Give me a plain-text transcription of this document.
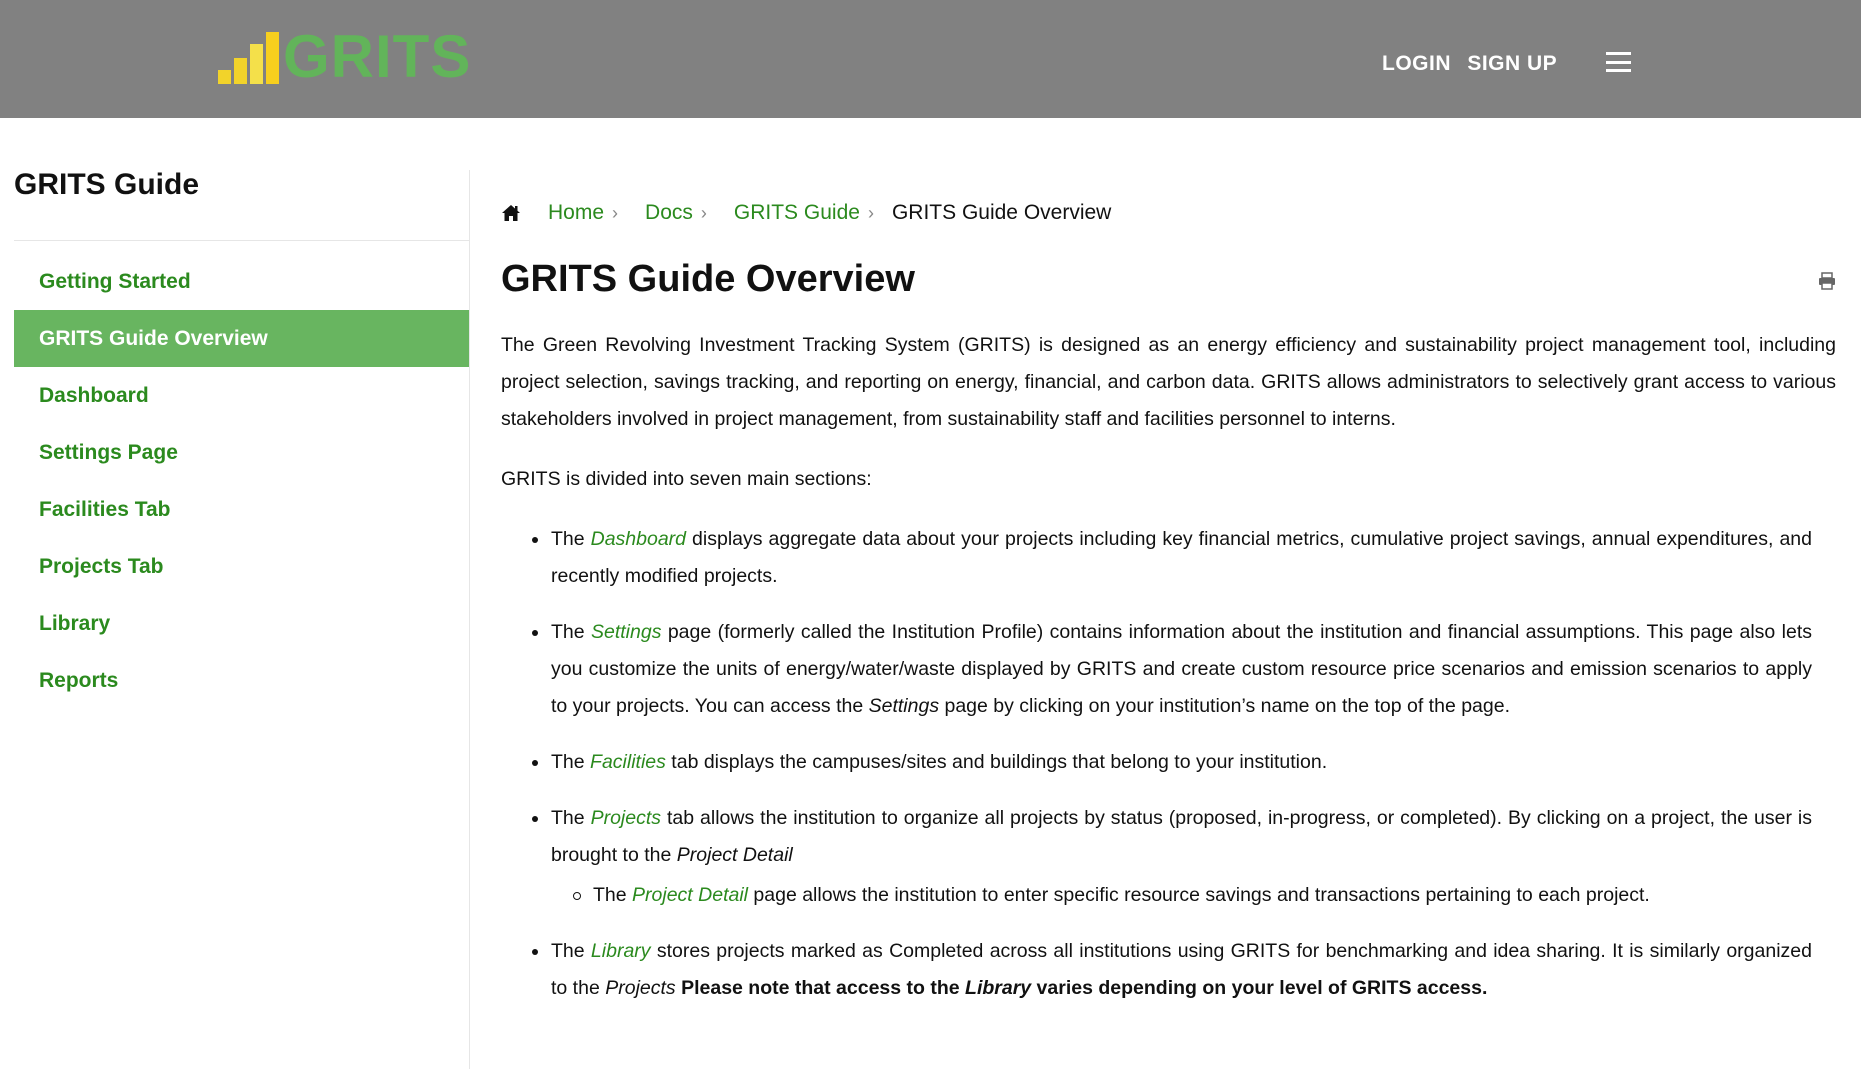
GRITS	LOGIN SIGN UP
GRITS Guide
Getting Started
GRITS Guide Overview
Dashboard
Settings Page
Facilities Tab
Projects Tab
Library
Reports
Home › Docs › GRITS Guide › GRITS Guide Overview
GRITS Guide Overview

The Green Revolving Investment Tracking System (GRITS) is designed as an energy efficiency and sustainability project management tool, including project selection, savings tracking, and reporting on energy, financial, and carbon data. GRITS allows administrators to selectively grant access to various stakeholders involved in project management, from sustainability staff and facilities personnel to interns.

GRITS is divided into seven main sections:

The Dashboard displays aggregate data about your projects including key financial metrics, cumulative project savings, annual expenditures, and recently modified projects.
The Settings page (formerly called the Institution Profile) contains information about the institution and financial assumptions. This page also lets you customize the units of energy/water/waste displayed by GRITS and create custom resource price scenarios and emission scenarios to apply to your projects. You can access the Settings page by clicking on your institution’s name on the top of the page.
The Facilities tab displays the campuses/sites and buildings that belong to your institution.
The Projects tab allows the institution to organize all projects by status (proposed, in-progress, or completed). By clicking on a project, the user is brought to the Project Detail
The Project Detail page allows the institution to enter specific resource savings and transactions pertaining to each project.
The Library stores projects marked as Completed across all institutions using GRITS for benchmarking and idea sharing. It is similarly organized to the Projects Please note that access to the Library varies depending on your level of GRITS access.
